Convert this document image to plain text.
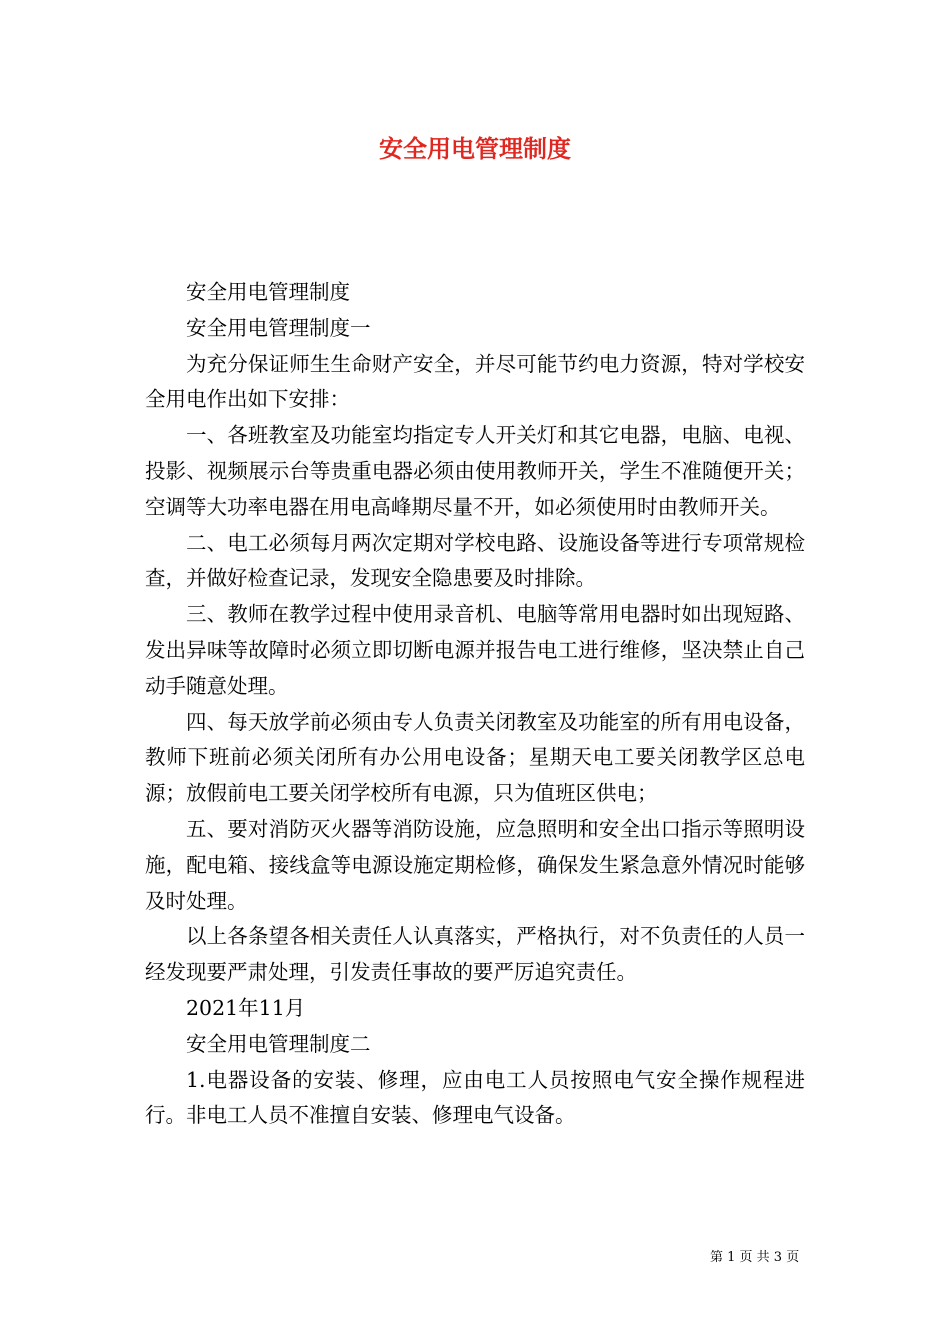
安全用电管理制度

安全用电管理制度

安全用电管理制度一

为充分保证师生生命财产安全，并尽可能节约电力资源，特对学校安全用电作出如下安排：

一、各班教室及功能室均指定专人开关灯和其它电器，电脑、电视、投影、视频展示台等贵重电器必须由使用教师开关，学生不准随便开关；空调等大功率电器在用电高峰期尽量不开，如必须使用时由教师开关。

二、电工必须每月两次定期对学校电路、设施设备等进行专项常规检查，并做好检查记录，发现安全隐患要及时排除。

三、教师在教学过程中使用录音机、电脑等常用电器时如出现短路、发出异味等故障时必须立即切断电源并报告电工进行维修，坚决禁止自己动手随意处理。

四、每天放学前必须由专人负责关闭教室及功能室的所有用电设备，教师下班前必须关闭所有办公用电设备；星期天电工要关闭教学区总电源；放假前电工要关闭学校所有电源，只为值班区供电；

五、要对消防灭火器等消防设施，应急照明和安全出口指示等照明设施，配电箱、接线盒等电源设施定期检修，确保发生紧急意外情况时能够及时处理。

以上各条望各相关责任人认真落实，严格执行，对不负责任的人员一经发现要严肃处理，引发责任事故的要严厉追究责任。

2021年11月

安全用电管理制度二

1.电器设备的安装、修理，应由电工人员按照电气安全操作规程进行。非电工人员不准擅自安装、修理电气设备。

第 1 页 共 3 页
